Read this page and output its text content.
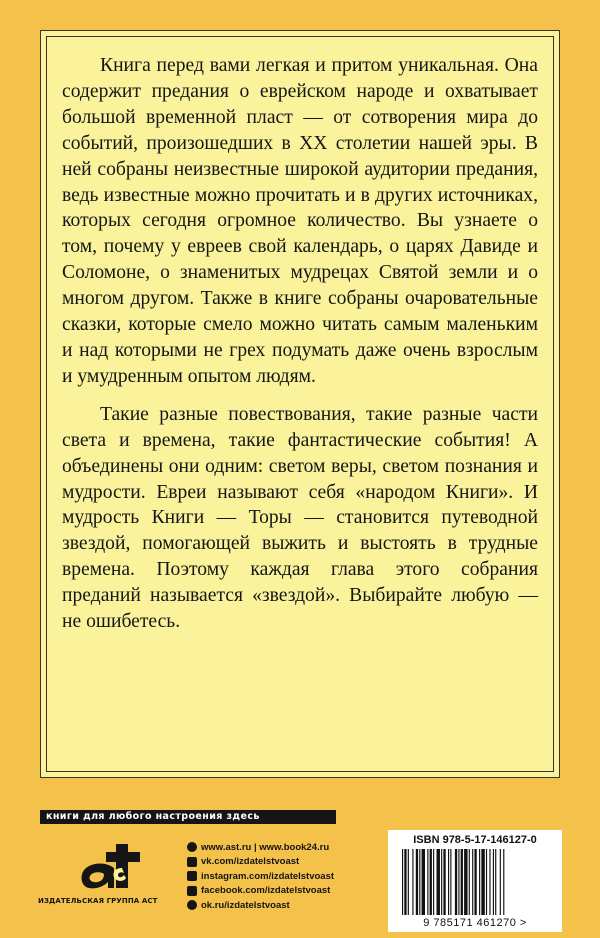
Книга перед вами легкая и притом уникальная. Она содержит предания о еврейском народе и охватывает большой временной пласт — от сотворения мира до событий, произошедших в XX столетии нашей эры. В ней собраны неизвестные широкой аудитории предания, ведь известные можно прочитать и в других источниках, которых сегодня огромное количество. Вы узнаете о том, почему у евреев свой календарь, о царях Давиде и Соломоне, о знаменитых мудрецах Святой земли и о многом другом. Также в книге собраны очаровательные сказки, которые смело можно читать самым маленьким и над которыми не грех подумать даже очень взрослым и умудренным опытом людям.

Такие разные повествования, такие разные части света и времена, такие фантастические события! А объединены они одним: светом веры, светом познания и мудрости. Евреи называют себя «народом Книги». И мудрость Книги — Торы — становится путеводной звездой, помогающей выжить и выстоять в трудные времена. Поэтому каждая глава этого собрания преданий называется «звездой». Выбирайте любую — не ошибетесь.

книги для любого настроения здесь
ИЗДАТЕЛЬСКАЯ ГРУППА АСТ
www.ast.ru | www.book24.ru
vk.com/izdatelstvoast
instagram.com/izdatelstvoast
facebook.com/izdatelstvoast
ok.ru/izdatelstvoast
ISBN 978-5-17-146127-0
9 785171 461270 >
